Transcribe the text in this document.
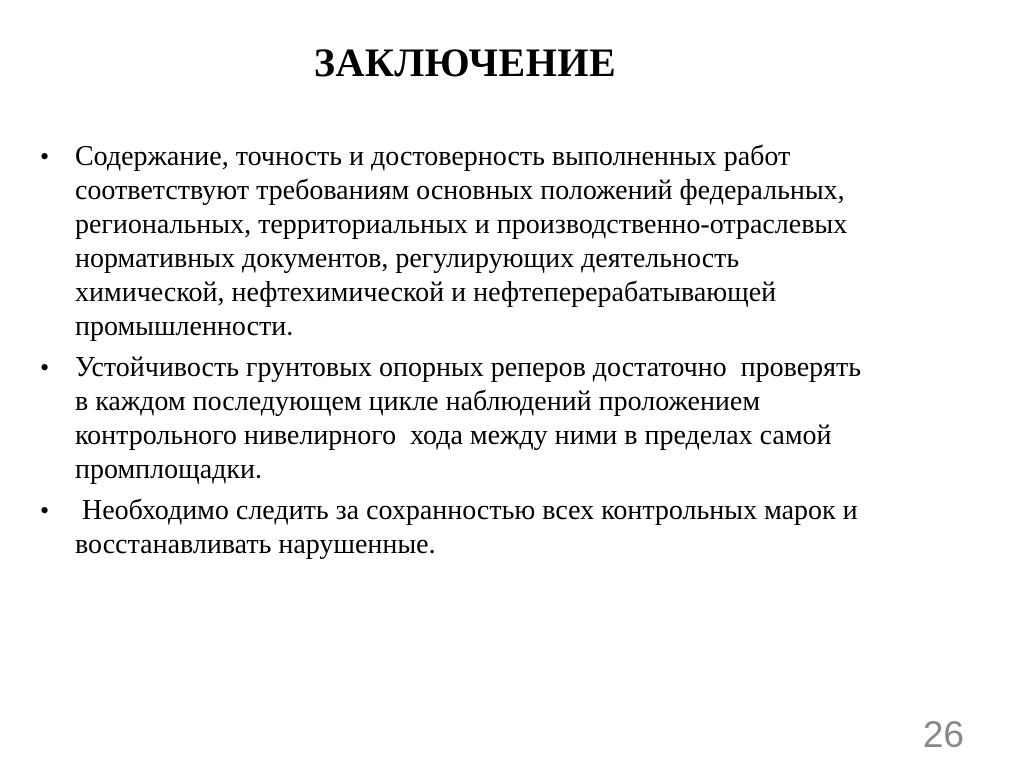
ЗАКЛЮЧЕНИЕ
• Содержание, точность и достоверность выполненных работ
соответствуют требованиям основных положений федеральных,
региональных, территориальных и производственно-отраслевых
нормативных документов, регулирующих деятельность
химической, нефтехимической и нефтеперерабатывающей
промышленности.
• Устойчивость грунтовых опорных реперов достаточно  проверять
в каждом последующем цикле наблюдений проложением
контрольного нивелирного  хода между ними в пределах самой
промплощадки.
• Необходимо следить за сохранностью всех контрольных марок и
восстанавливать нарушенные.
26
